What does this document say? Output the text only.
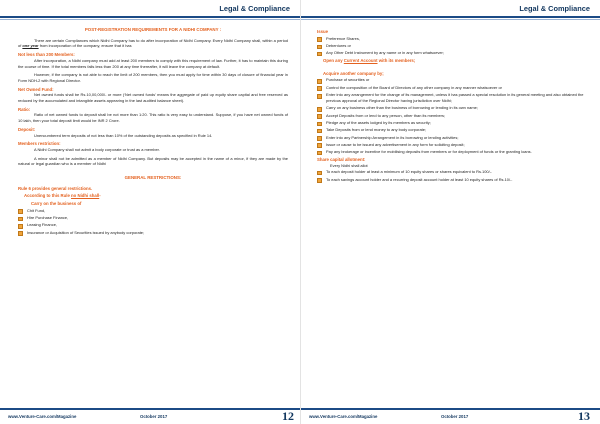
Legal & Compliance
POST-REGISTRATION REQUIREMENTS FOR A NIDHI COMPANY :

There are certain Compliances which Nidhi Company has to do after incorporation of Nidhi Company. Every Nidhi Company shall, within a period of one year from incorporation of the company, ensure that it has

Not less than 200 Members:

After incorporation, a Nidhi company must add at least 200 members to comply with this requirement of law. Further, it has to maintain this during the course of time. If the total members falls less than 200 at any time thereafter, it will leave the company at default.

However, if the company is not able to reach the limit of 200 members, then you must apply for time within 30 days of closure of financial year in Form NDH-2 with Regional Director.

Net Owned Fund:

Net owned funds shall be Rs.10,00,000/- or more (‘Net owned funds’ means the aggregate of paid up equity share capital and free reserved as reduced by the accumulated and intangible assets appearing in the last audited balance sheet).

Ratio:

Ratio of net owned funds to deposit shall be not more than 1:20. This ratio is very easy to understand. Suppose, if you have net owned funds of 10 lakh, then your total deposit limit would be INR 2 Crore.

Deposit:

Unencumbered term deposits of not less than 10% of the outstanding deposits as specified in Rule 14.

Members restriction:

A Nidhi Company shall not admit a body corporate or trust as a member.

A minor shall not be admitted as a member of Nidhi Company. But deposits may be accepted in the name of a minor, if they are made by the natural or legal guardian who is a member of Nidhi

GENERAL RESTRICTIONS:
Rule 6 provides general restrictions.
According to this Rule no Nidhi shall-
Carry on the business of
Chit Fund,
Hire Purchase Finance,
Leasing Finance,
Insurance or Acquisition of Securities issued by anybody corporate;
www.Venture-Care.com/Magazine	October 2017	12
Legal & Compliance
Issue
Preference Shares,
Debentures or
Any Other Debt Instrument by any name or in any form whatsoever;
Open any Current Account with its members;
Acquire another company by;
Purchase of securities or
Control the composition of the Board of Directors of any other company in any manner whatsoever or
Enter into any arrangement for the change of its management, unless it has passed a special resolution in its general meeting and also obtained the previous approval of the Regional Director having jurisdiction over Nidhi;
Carry on any business other than the business of borrowing or lending in its own name;
Accept Deposits from or lend to any person, other than its members;
Pledge any of the assets lodged by its members as security;
Take Deposits from or lend money to any body corporate;
Enter into any Partnership Arrangement in its borrowing or lending activities;
Issue or cause to be issued any advertisement in any form for soliciting deposit;
Pay any brokerage or incentive for mobilising deposits from members or for deployment of funds or the granting loans.
Share capital allotment:
Every Nidhi shall allot
To each deposit holder at least a minimum of 10 equity shares or shares equivalent to Rs.100/-.
To each savings account holder and a recurring deposit account holder at least 10 equity shares of Rs.10/-.
www.Venture-Care.com/Magazine	October 2017	13
